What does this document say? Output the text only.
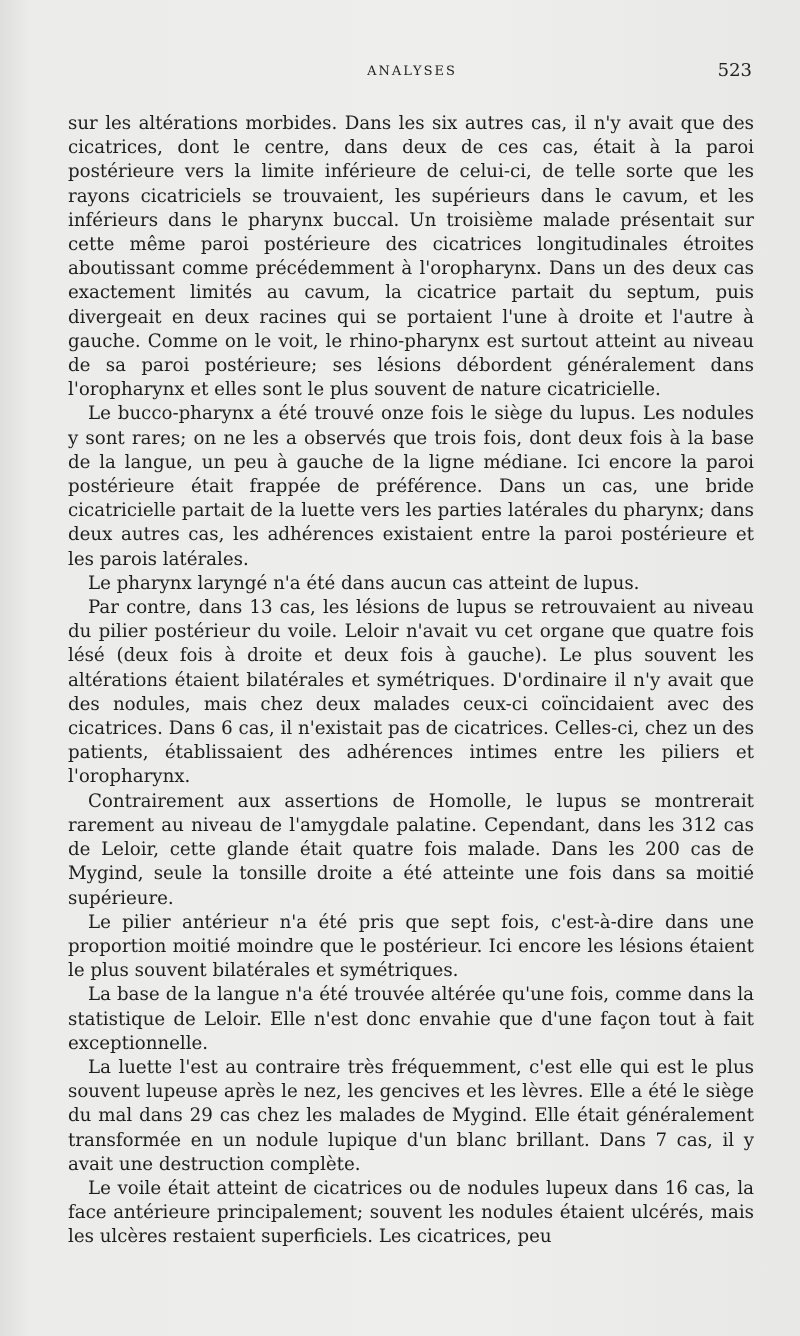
ANALYSES	523

sur les altérations morbides. Dans les six autres cas, il n'y avait que des cicatrices, dont le centre, dans deux de ces cas, était à la paroi postérieure vers la limite inférieure de celui-ci, de telle sorte que les rayons cicatriciels se trouvaient, les supérieurs dans le cavum, et les inférieurs dans le pharynx buccal. Un troisième malade présentait sur cette même paroi postérieure des cicatrices longitudinales étroites aboutissant comme précédemment à l'oropharynx. Dans un des deux cas exactement limités au cavum, la cicatrice partait du septum, puis divergeait en deux racines qui se portaient l'une à droite et l'autre à gauche. Comme on le voit, le rhino-pharynx est surtout atteint au niveau de sa paroi postérieure; ses lésions débordent généralement dans l'oropharynx et elles sont le plus souvent de nature cicatricielle.

Le bucco-pharynx a été trouvé onze fois le siège du lupus. Les nodules y sont rares; on ne les a observés que trois fois, dont deux fois à la base de la langue, un peu à gauche de la ligne médiane. Ici encore la paroi postérieure était frappée de préférence. Dans un cas, une bride cicatricielle partait de la luette vers les parties latérales du pharynx; dans deux autres cas, les adhérences existaient entre la paroi postérieure et les parois latérales.

Le pharynx laryngé n'a été dans aucun cas atteint de lupus.

Par contre, dans 13 cas, les lésions de lupus se retrouvaient au niveau du pilier postérieur du voile. Leloir n'avait vu cet organe que quatre fois lésé (deux fois à droite et deux fois à gauche). Le plus souvent les altérations étaient bilatérales et symétriques. D'ordinaire il n'y avait que des nodules, mais chez deux malades ceux-ci coïncidaient avec des cicatrices. Dans 6 cas, il n'existait pas de cicatrices. Celles-ci, chez un des patients, établissaient des adhérences intimes entre les piliers et l'oropharynx.

Contrairement aux assertions de Homolle, le lupus se montrerait rarement au niveau de l'amygdale palatine. Cependant, dans les 312 cas de Leloir, cette glande était quatre fois malade. Dans les 200 cas de Mygind, seule la tonsille droite a été atteinte une fois dans sa moitié supérieure.

Le pilier antérieur n'a été pris que sept fois, c'est-à-dire dans une proportion moitié moindre que le postérieur. Ici encore les lésions étaient le plus souvent bilatérales et symétriques.

La base de la langue n'a été trouvée altérée qu'une fois, comme dans la statistique de Leloir. Elle n'est donc envahie que d'une façon tout à fait exceptionnelle.

La luette l'est au contraire très fréquemment, c'est elle qui est le plus souvent lupeuse après le nez, les gencives et les lèvres. Elle a été le siège du mal dans 29 cas chez les malades de Mygind. Elle était généralement transformée en un nodule lupique d'un blanc brillant. Dans 7 cas, il y avait une destruction complète.

Le voile était atteint de cicatrices ou de nodules lupeux dans 16 cas, la face antérieure principalement; souvent les nodules étaient ulcérés, mais les ulcères restaient superficiels. Les cicatrices, peu
